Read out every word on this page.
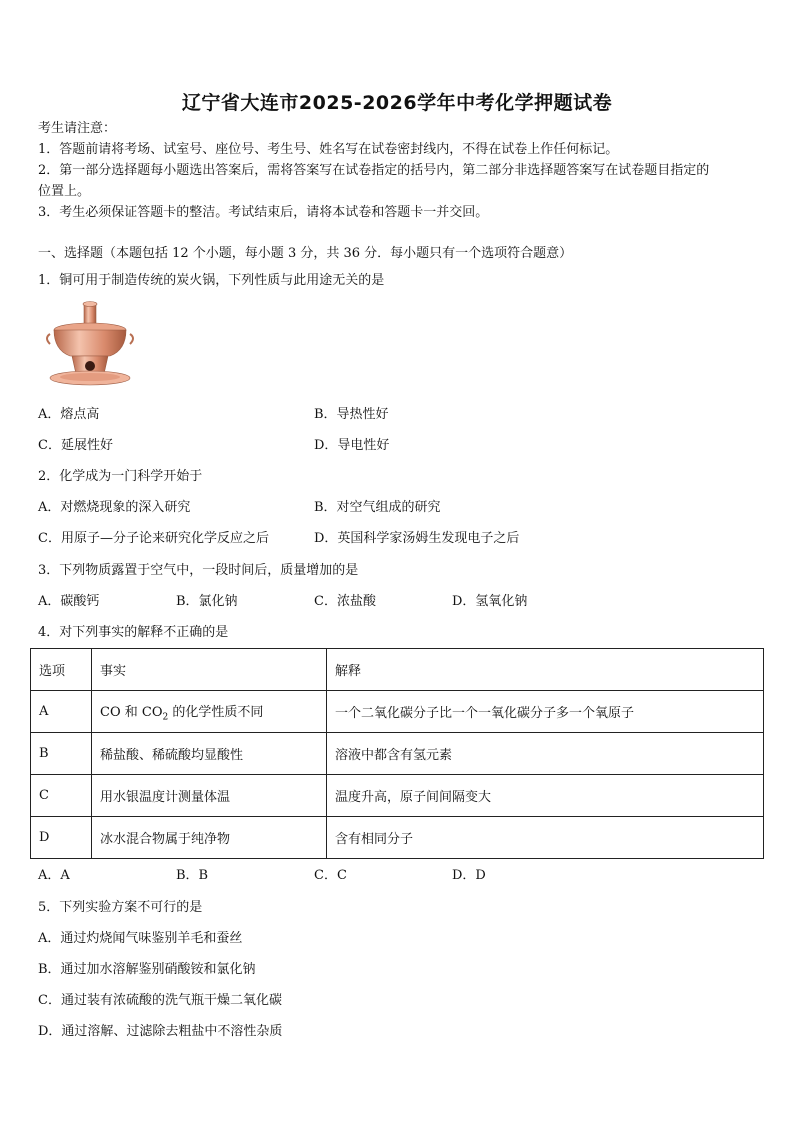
辽宁省大连市2025-2026学年中考化学押题试卷
考生请注意：
1．答题前请将考场、试室号、座位号、考生号、姓名写在试卷密封线内，不得在试卷上作任何标记。
2．第一部分选择题每小题选出答案后，需将答案写在试卷指定的括号内，第二部分非选择题答案写在试卷题目指定的
位置上。
3．考生必须保证答题卡的整洁。考试结束后，请将本试卷和答题卡一并交回。
一、选择题（本题包括 12 个小题，每小题 3 分，共 36 分．每小题只有一个选项符合题意）
1．铜可用于制造传统的炭火锅，下列性质与此用途无关的是
A．熔点高	B．导热性好
C．延展性好	D．导电性好
2．化学成为一门科学开始于
A．对燃烧现象的深入研究	B．对空气组成的研究
C．用原子—分子论来研究化学反应之后	D．英国科学家汤姆生发现电子之后
3．下列物质露置于空气中，一段时间后，质量增加的是
A．碳酸钙	B．氯化钠	C．浓盐酸	D．氢氧化钠
4．对下列事实的解释不正确的是
选项	事实	解释
A	CO 和 $CO_2$ 的化学性质不同	一个二氧化碳分子比一个一氧化碳分子多一个氧原子
B	稀盐酸、稀硫酸均显酸性	溶液中都含有氢元素
C	用水银温度计测量体温	温度升高，原子间间隔变大
D	冰水混合物属于纯净物	含有相同分子
A．A	B．B	C．C	D．D
5．下列实验方案不可行的是
A．通过灼烧闻气味鉴别羊毛和蚕丝
B．通过加水溶解鉴别硝酸铵和氯化钠
C．通过装有浓硫酸的洗气瓶干燥二氧化碳
D．通过溶解、过滤除去粗盐中不溶性杂质
